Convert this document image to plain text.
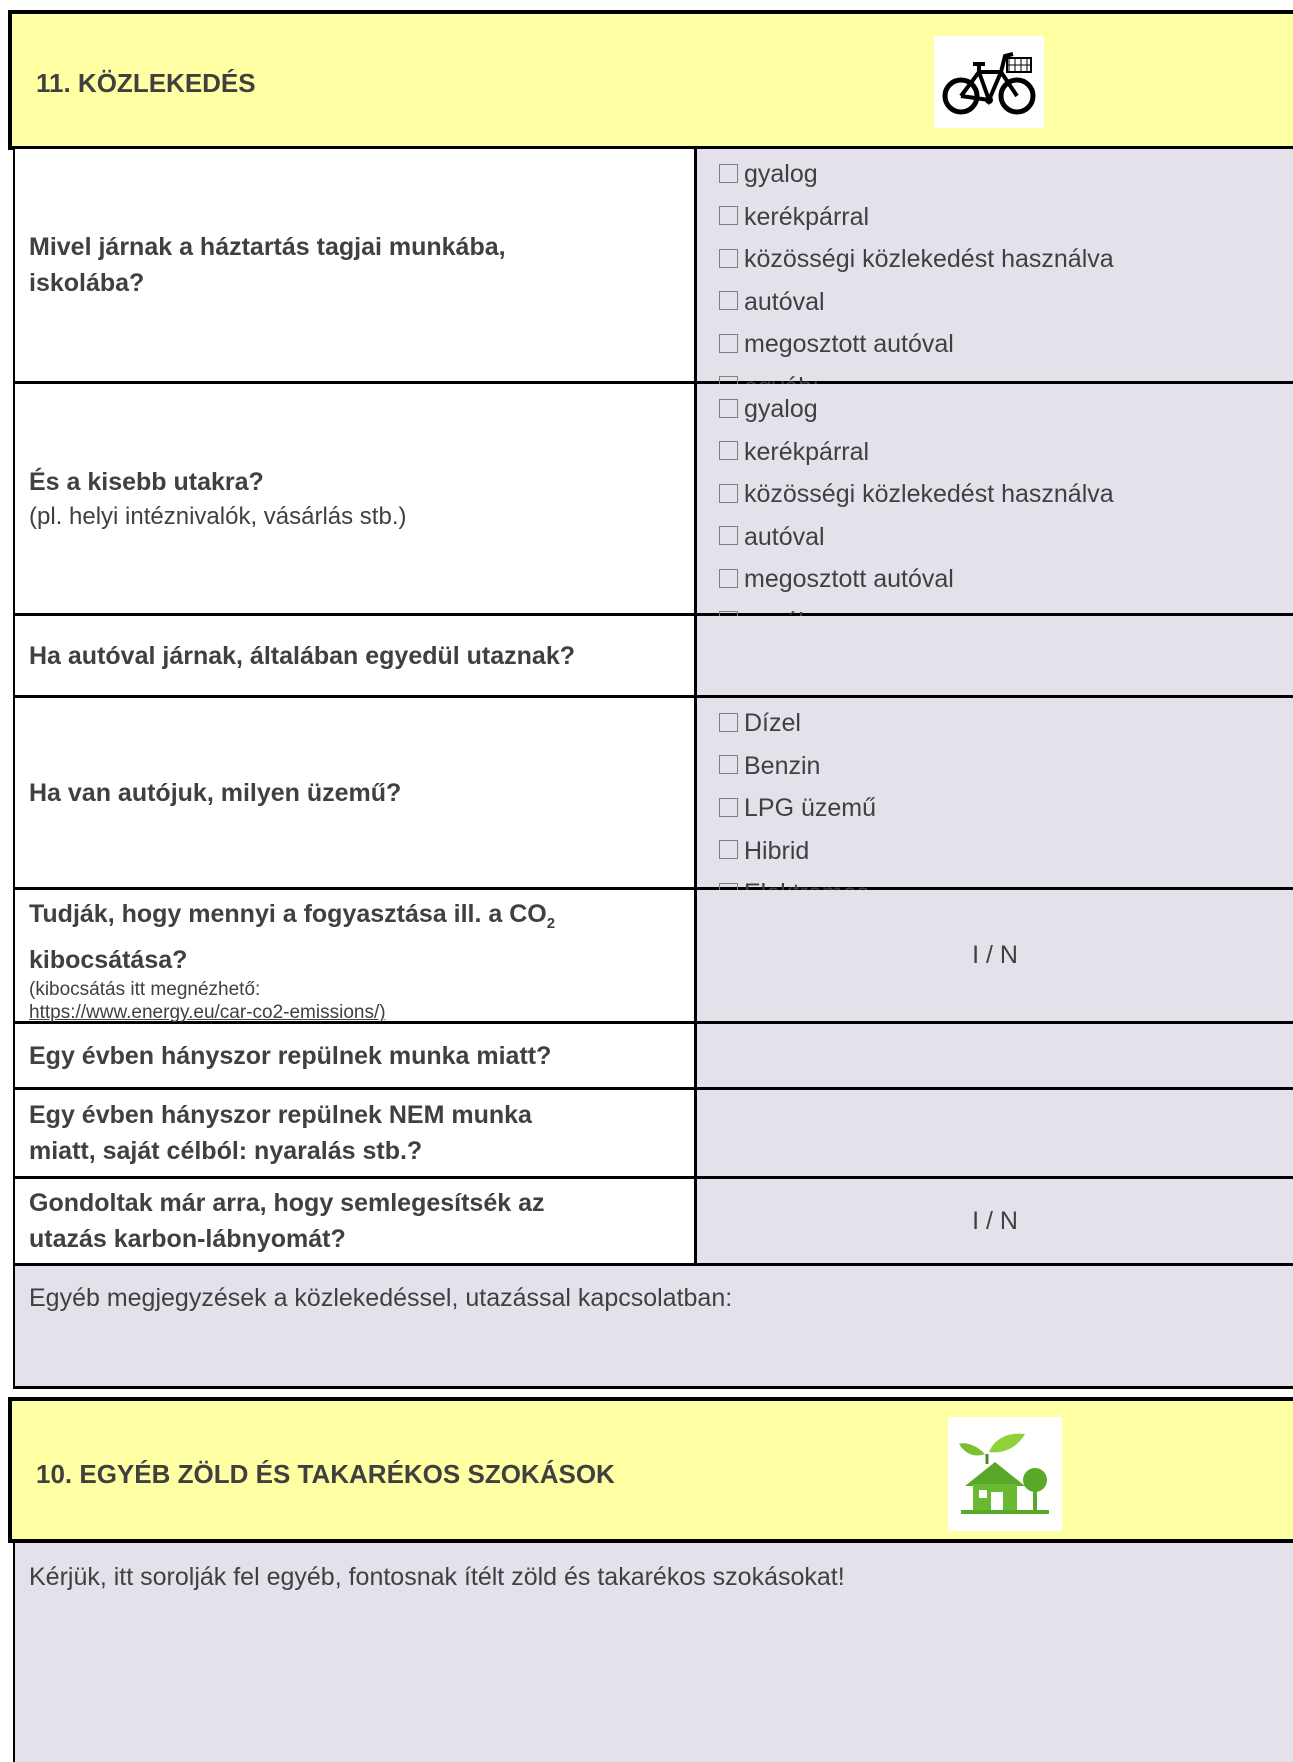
11. KÖZLEKEDÉS
Mivel járnak a háztartás tagjai munkába, iskolába?
gyalog
kerékpárral
közösségi közlekedést használva
autóval
megosztott autóval
És a kisebb utakra?
(pl. helyi intéznivalók, vásárlás stb.)
gyalog
kerékpárral
közösségi közlekedést használva
autóval
megosztott autóval
Ha autóval járnak, általában egyedül utaznak?
Ha van autójuk, milyen üzemű?
Dízel
Benzin
LPG üzemű
Hibrid
Tudják, hogy mennyi a fogyasztása ill. a $CO_2$
kibocsátása?
(kibocsátás itt megnézhető:
https://www.energy.eu/car-co2-emissions/)
I / N
Egy évben hányszor repülnek munka miatt?
Egy évben hányszor repülnek NEM munka miatt, saját célból: nyaralás stb.?
Gondoltak már arra, hogy semlegesítsék az utazás karbon-lábnyomát?
I / N
Egyéb megjegyzések a közlekedéssel, utazással kapcsolatban:
10. EGYÉB ZÖLD ÉS TAKARÉKOS SZOKÁSOK
Kérjük, itt sorolják fel egyéb, fontosnak ítélt zöld és takarékos szokásokat!
